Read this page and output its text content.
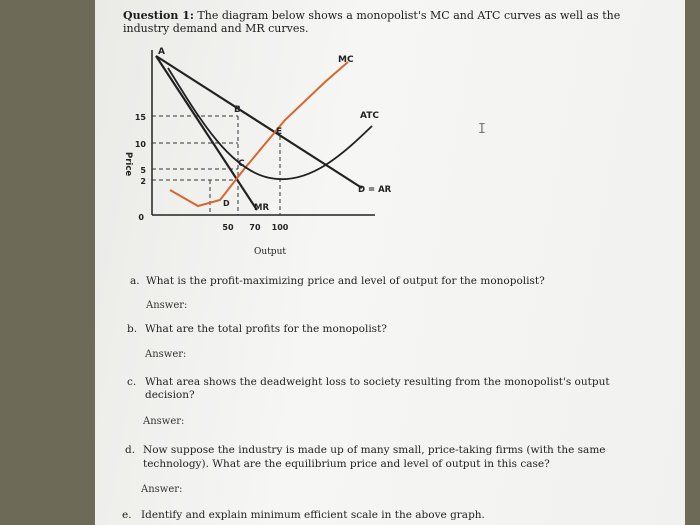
Question 1: The diagram below shows a monopolist's MC and ATC curves as well as the
industry demand and MR curves.
15
10
5
2
0
50 70 100
Price
Output
MC
ATC
D = AR
MR
A
B
C
D
E	I
a. What is the profit-maximizing price and level of output for the monopolist?
Answer:
b. What are the total profits for the monopolist?
Answer:
c. What area shows the deadweight loss to society resulting from the monopolist's output
decision?
Answer:
d. Now suppose the industry is made up of many small, price-taking firms (with the same
technology). What are the equilibrium price and level of output in this case?
Answer:
e. Identify and explain minimum efficient scale in the above graph.
